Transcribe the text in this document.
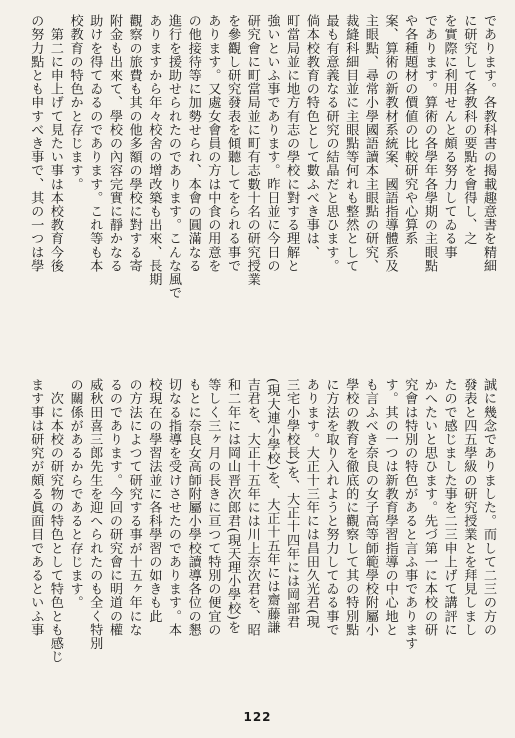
であります。各教科書の揭載趣意書を精細
に研究して各教科の要點を會得し、之
を實際に利用せんと頗る努力してゐる事
であります。算術の各學年各學期の主眼點
や各種題材の價値の比較研究や心算系
案、算術の新教材系統案、國語指導體系及
主眼點、尋常小學國語讀本主眼點の研究、
裁縫科細目並に主眼點等何れも整然として
最も有意義なる研究の結晶だと思ひます。
倘本校教育の特色として數ふべき事は、
町當局並に地方有志の學校に對する理解と
強いといふ事であります。昨日並に今日の
研究會に町當局並に町有志數十名の研究授業
を參觀し研究發表を傾聽してをられる事で
あります。又處女會員の方は中食の用意を
の他接待等に加勢せられ、本會の圓滿なる
進行を援助せられたのであります。こんな風で
ありますから年々校舍の增改築も出來、長期
觀察の旅費も其の他多額の學校に對する寄
附金も出來て、學校の內容完實に靜かなる
助けを得てゐるのであります。これ等も本
校教育の特色かと存じます。
　第二に申上げて見たい事は本校教育今後
の努力點とも申すべき事で、其の一つは學
誠に幾念でありました。而して二三の方の
發表と四五學級の研究授業とを拜見しまし
たので感じました事を二三申上げて講評に
かへたいと思ひます。先づ第一に本校の研
究會は特別の特色があると言ふ事であります
す。其の一つは新教育學習指導の中心地と
も言ふべき奈良の女子高等師範學校附屬小
學校の教育を徹底的に觀察して其の特別點
に方法を取り入れようと努力してゐる事で
あります。大正十三年には昌田久光君(現
三宅小學校長)を、大正十四年には岡部君
(現大連小學校)を、大正十五年には齋藤謙
吉君を、大正十五年には川上奈次君を、昭
和二年には岡山晋次郎君(現天理小學校)を
等しく三ヶ月の長きに亘つて特別の便宜の
もとに奈良女高師附屬小學校讀導各位の懇
切なる指導を受けさせたのであります。本
校現在の學習法並に各科學習の如きも此
の方法によつて研究する事が十五ヶ年にな
るのであります。今回の研究會に明道の權
威秋田喜三郎先生を迎へられたのも全く特別
の關係があるからであると存じます。
　次に本校の研究物の特色として特色とも感じ
ます事は研究が頗る眞面目であるといふ事
122
